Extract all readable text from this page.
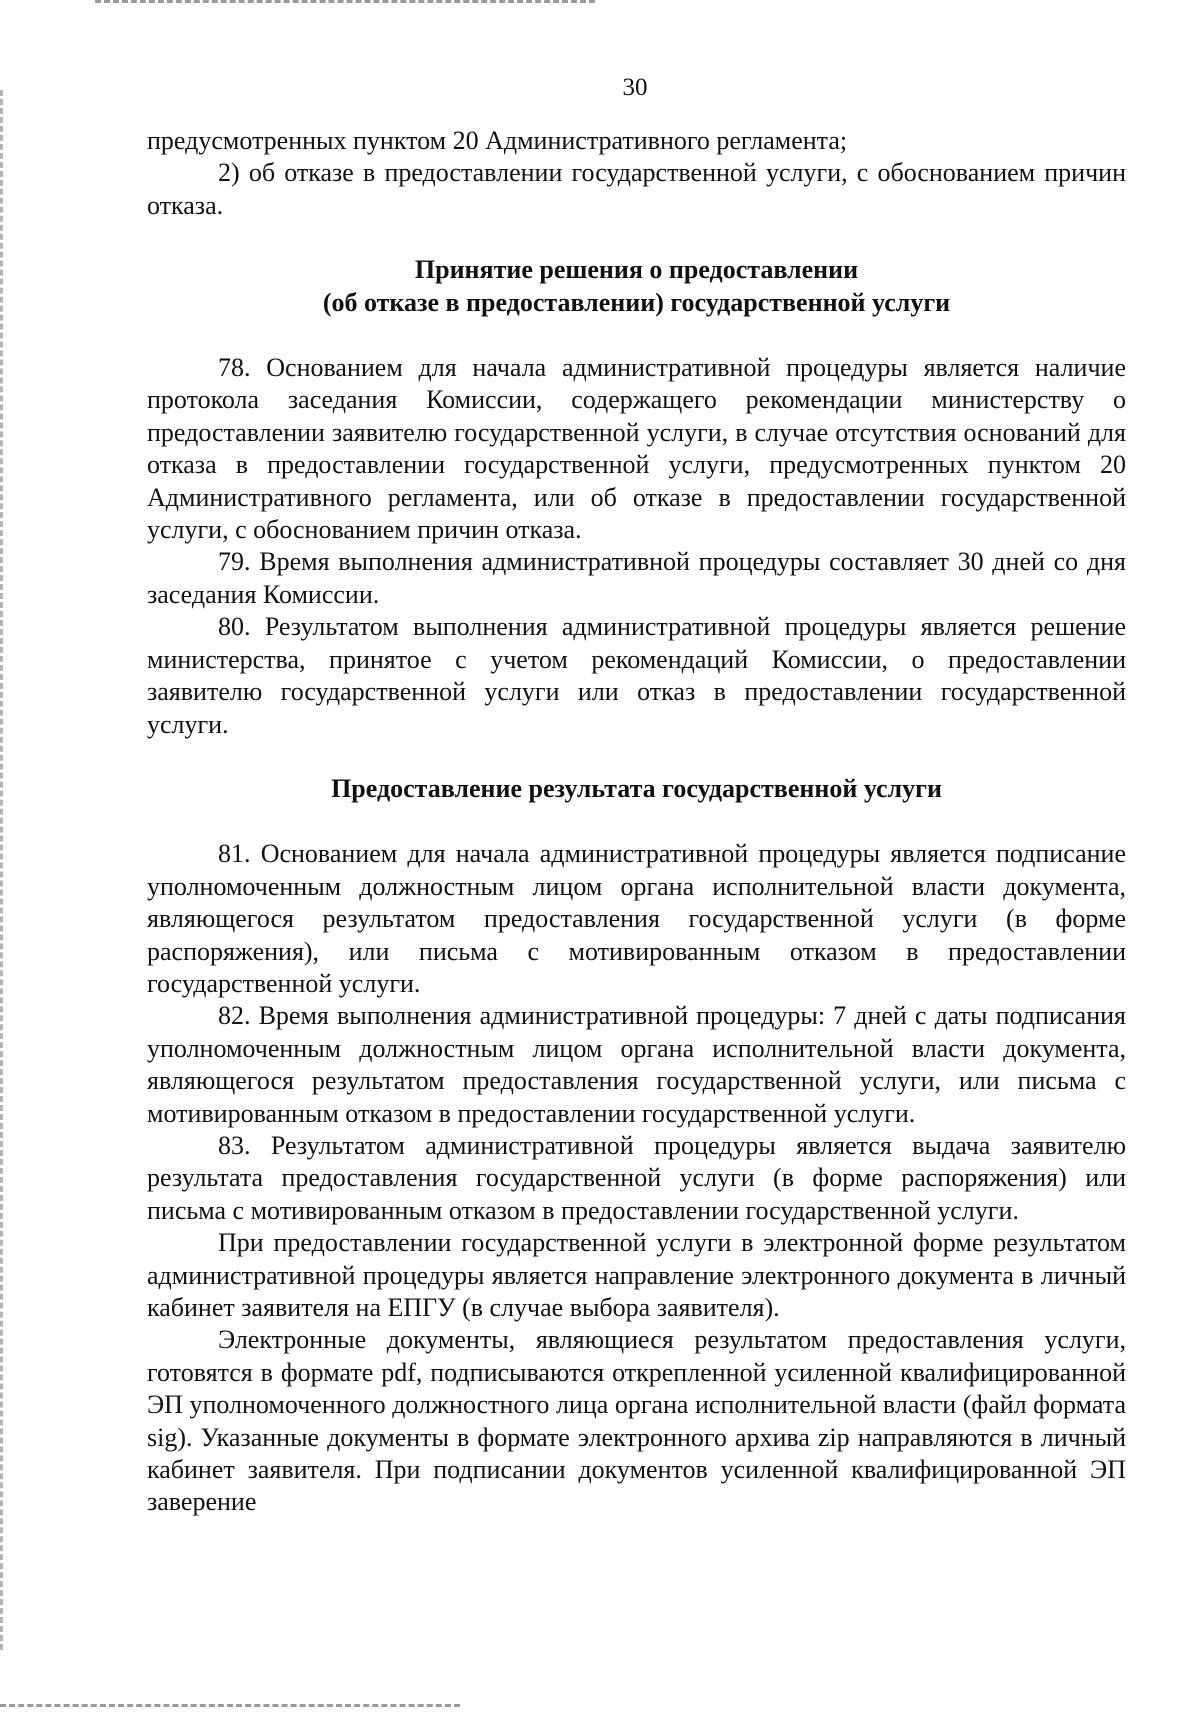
30

предусмотренных пунктом 20 Административного регламента;

2) об отказе в предоставлении государственной услуги, с обоснованием причин отказа.

Принятие решения о предоставлении

(об отказе в предоставлении) государственной услуги

78. Основанием для начала административной процедуры является наличие протокола заседания Комиссии, содержащего рекомендации министерству о предоставлении заявителю государственной услуги, в случае отсутствия оснований для отказа в предоставлении государственной услуги, предусмотренных пунктом 20 Административного регламента, или об отказе в предоставлении государственной услуги, с обоснованием причин отказа.

79. Время выполнения административной процедуры составляет 30 дней со дня заседания Комиссии.

80. Результатом выполнения административной процедуры является решение министерства, принятое с учетом рекомендаций Комиссии, о предоставлении заявителю государственной услуги или отказ в предоставлении государственной услуги.

Предоставление результата государственной услуги

81. Основанием для начала административной процедуры является подписание уполномоченным должностным лицом органа исполнительной власти документа, являющегося результатом предоставления государственной услуги (в форме распоряжения), или письма с мотивированным отказом в предоставлении государственной услуги.

82. Время выполнения административной процедуры: 7 дней с даты подписания уполномоченным должностным лицом органа исполнительной власти документа, являющегося результатом предоставления государственной услуги, или письма с мотивированным отказом в предоставлении государственной услуги.

83. Результатом административной процедуры является выдача заявителю результата предоставления государственной услуги (в форме распоряжения) или письма с мотивированным отказом в предоставлении государственной услуги.

При предоставлении государственной услуги в электронной форме результатом административной процедуры является направление электронного документа в личный кабинет заявителя на ЕПГУ (в случае выбора заявителя).

Электронные документы, являющиеся результатом предоставления услуги, готовятся в формате pdf, подписываются открепленной усиленной квалифицированной ЭП уполномоченного должностного лица органа исполнительной власти (файл формата sig). Указанные документы в формате электронного архива zip направляются в личный кабинет заявителя. При подписании документов усиленной квалифицированной ЭП заверение
